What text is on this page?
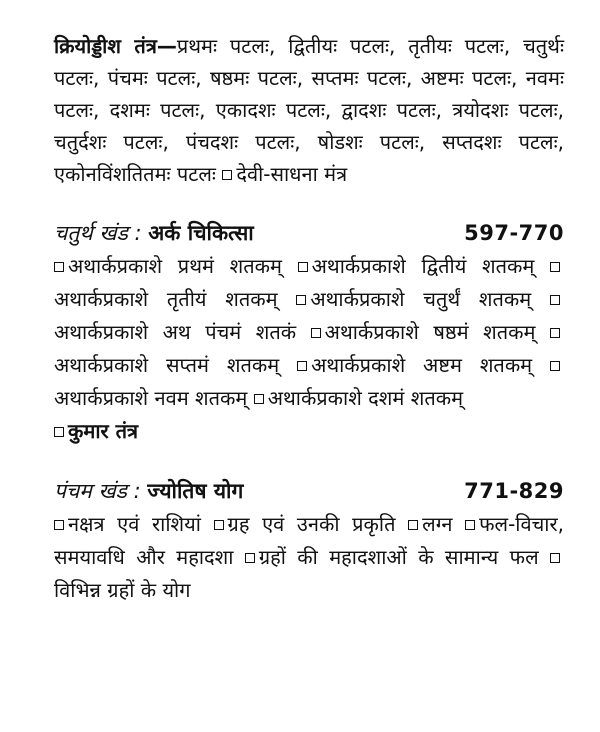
क्रियोड्डीश तंत्र—प्रथमः पटलः, द्वितीयः पटलः, तृतीयः पटलः, चतुर्थः पटलः, पंचमः पटलः, षष्ठमः पटलः, सप्तमः पटलः, अष्टमः पटलः, नवमः पटलः, दशमः पटलः, एकादशः पटलः, द्वादशः पटलः, त्रयोदशः पटलः, चतुर्दशः पटलः, पंचदशः पटलः, षोडशः पटलः, सप्तदशः पटलः, एकोनविंशतितमः पटलः देवी-साधना मंत्र
चतुर्थ खंड : अर्क चिकित्सा	597-770
अथार्कप्रकाशे प्रथमं शतकम् अथार्कप्रकाशे द्वितीयं शतकम् अथार्कप्रकाशे तृतीयं शतकम् अथार्कप्रकाशे चतुर्थं शतकम् अथार्कप्रकाशे अथ पंचमं शतकं अथार्कप्रकाशे षष्ठमं शतकम् अथार्कप्रकाशे सप्तमं शतकम् अथार्कप्रकाशे अष्टम शतकम् अथार्कप्रकाशे नवम शतकम् अथार्कप्रकाशे दशमं शतकम्
कुमार तंत्र
पंचम खंड : ज्योतिष योग	771-829
नक्षत्र एवं राशियां ग्रह एवं उनकी प्रकृति लग्न फल-विचार, समयावधि और महादशा ग्रहों की महादशाओं के सामान्य फल विभिन्न ग्रहों के योग
